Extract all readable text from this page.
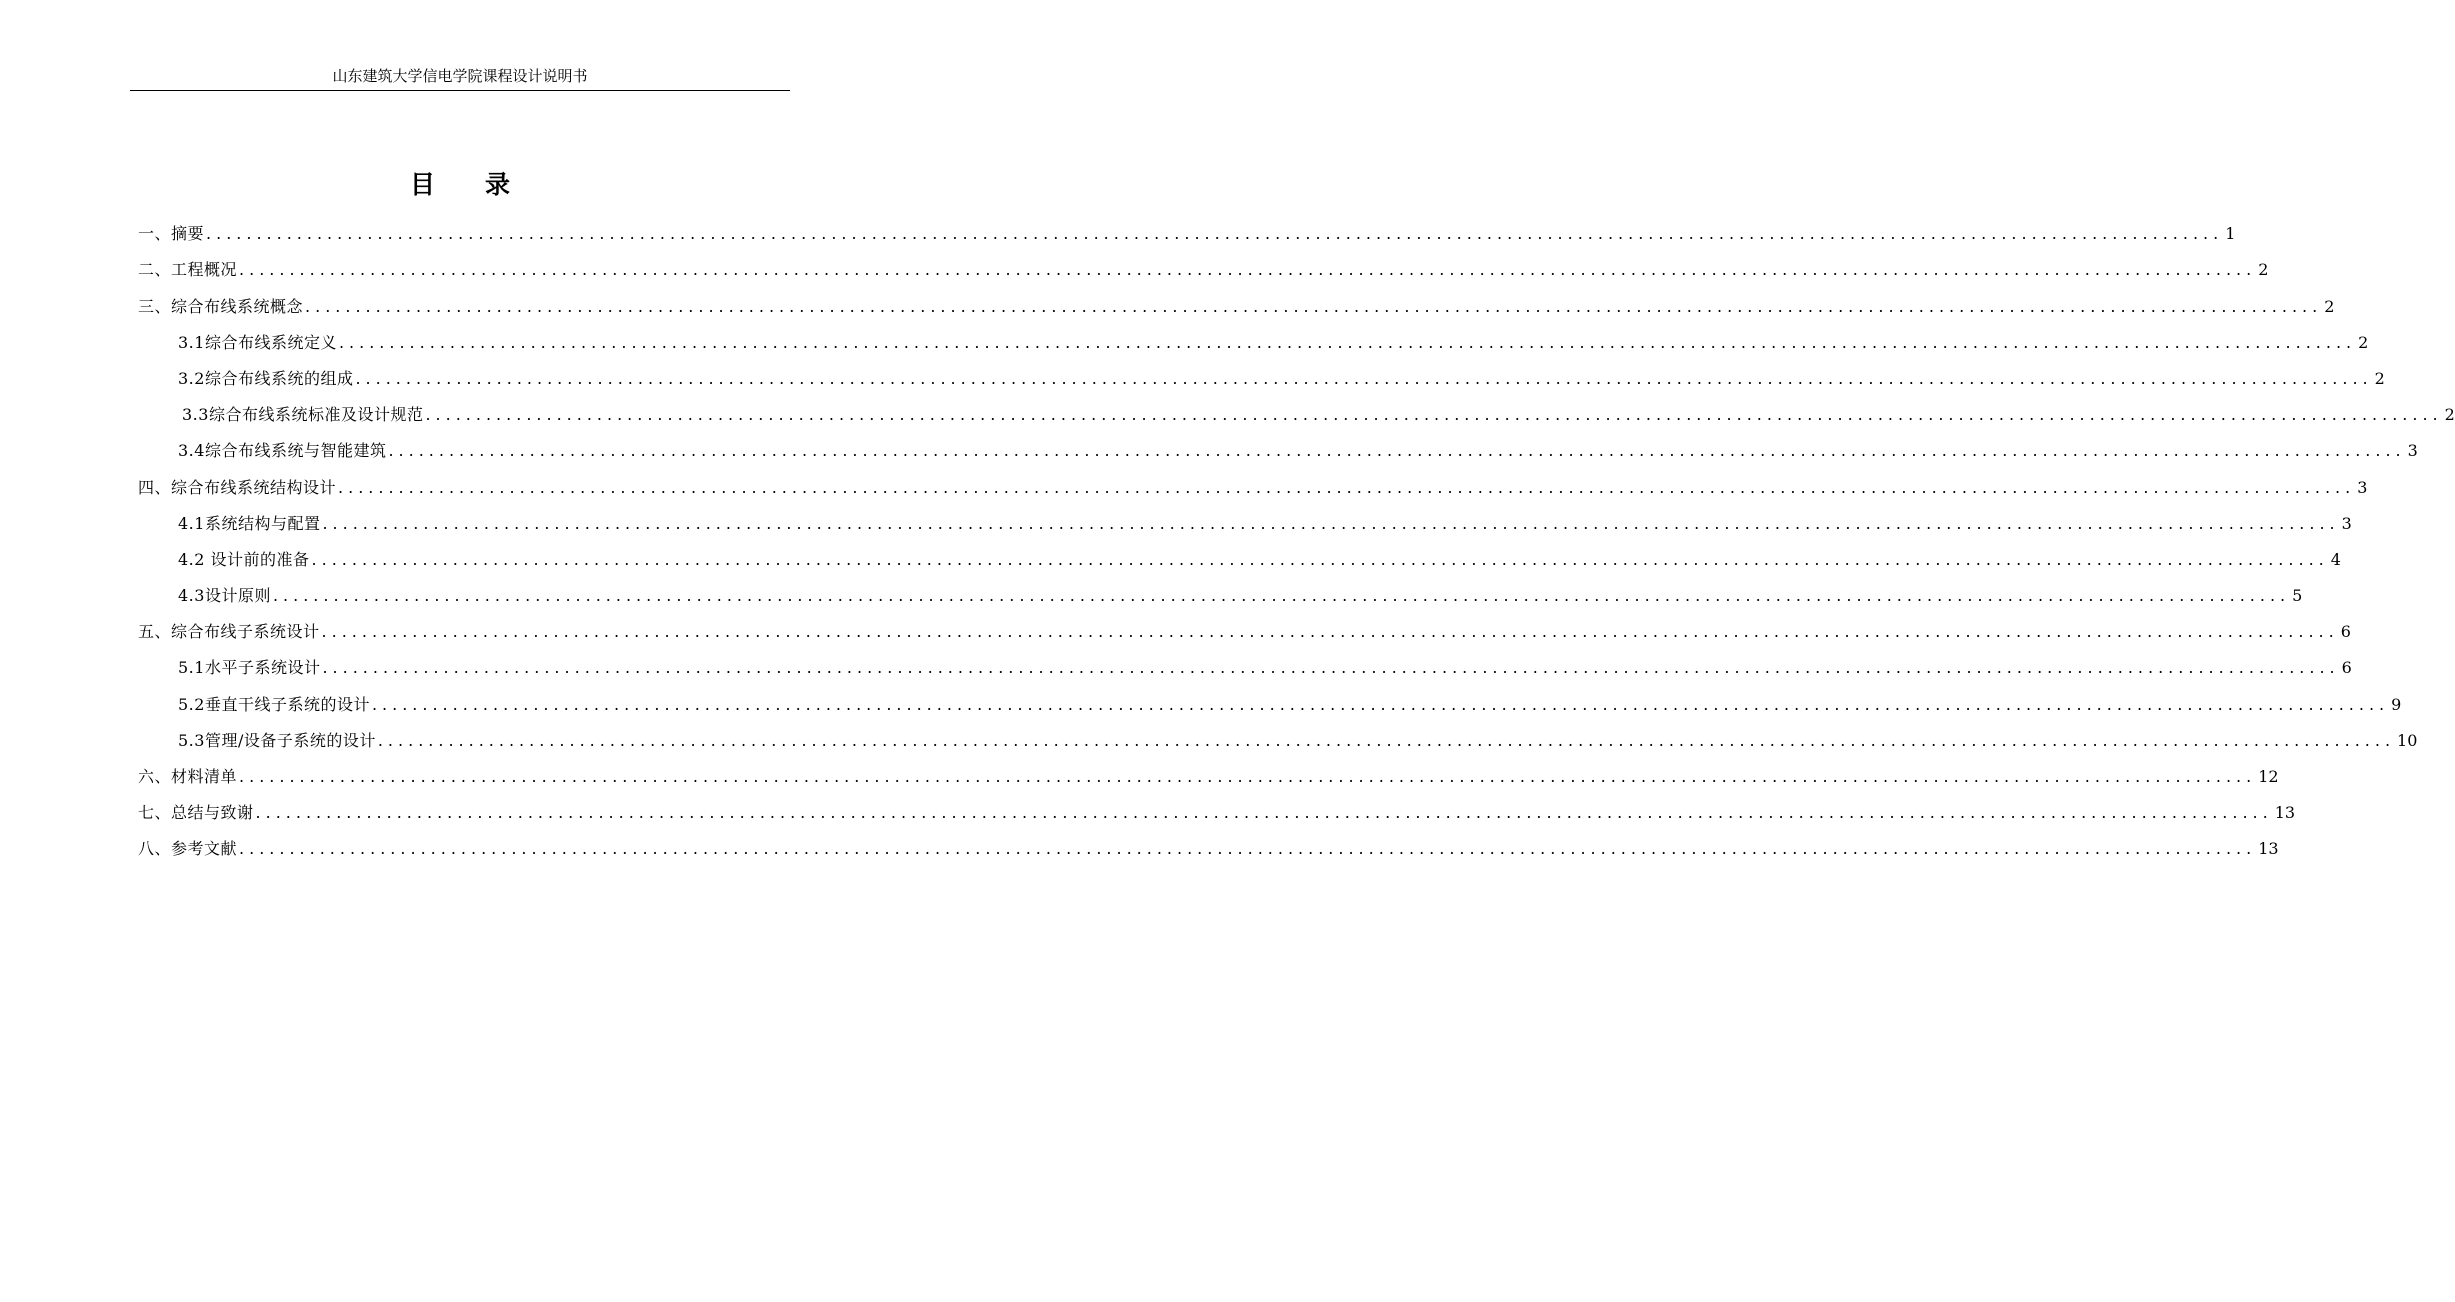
山东建筑大学信电学院课程设计说明书
目录
一、摘要 ........................................................................................................................................................................................................ 1
二、工程概况 ........................................................................................................................................................................................................ 2
三、综合布线系统概念 ........................................................................................................................................................................................................ 2
3.1综合布线系统定义 ........................................................................................................................................................................................................ 2
3.2综合布线系统的组成 ........................................................................................................................................................................................................ 2
3.3综合布线系统标准及设计规范 ........................................................................................................................................................................................................ 2
3.4综合布线系统与智能建筑 ........................................................................................................................................................................................................ 3
四、综合布线系统结构设计 ........................................................................................................................................................................................................ 3
4.1系统结构与配置 ........................................................................................................................................................................................................ 3
4.2 设计前的准备 ........................................................................................................................................................................................................ 4
4.3设计原则 ........................................................................................................................................................................................................ 5
五、综合布线子系统设计 ........................................................................................................................................................................................................ 6
5.1水平子系统设计 ........................................................................................................................................................................................................ 6
5.2垂直干线子系统的设计 ........................................................................................................................................................................................................ 9
5.3管理/设备子系统的设计 ........................................................................................................................................................................................................ 10
六、材料清单 ........................................................................................................................................................................................................ 12
七、总结与致谢 ........................................................................................................................................................................................................ 13
八、参考文献 ........................................................................................................................................................................................................ 13
